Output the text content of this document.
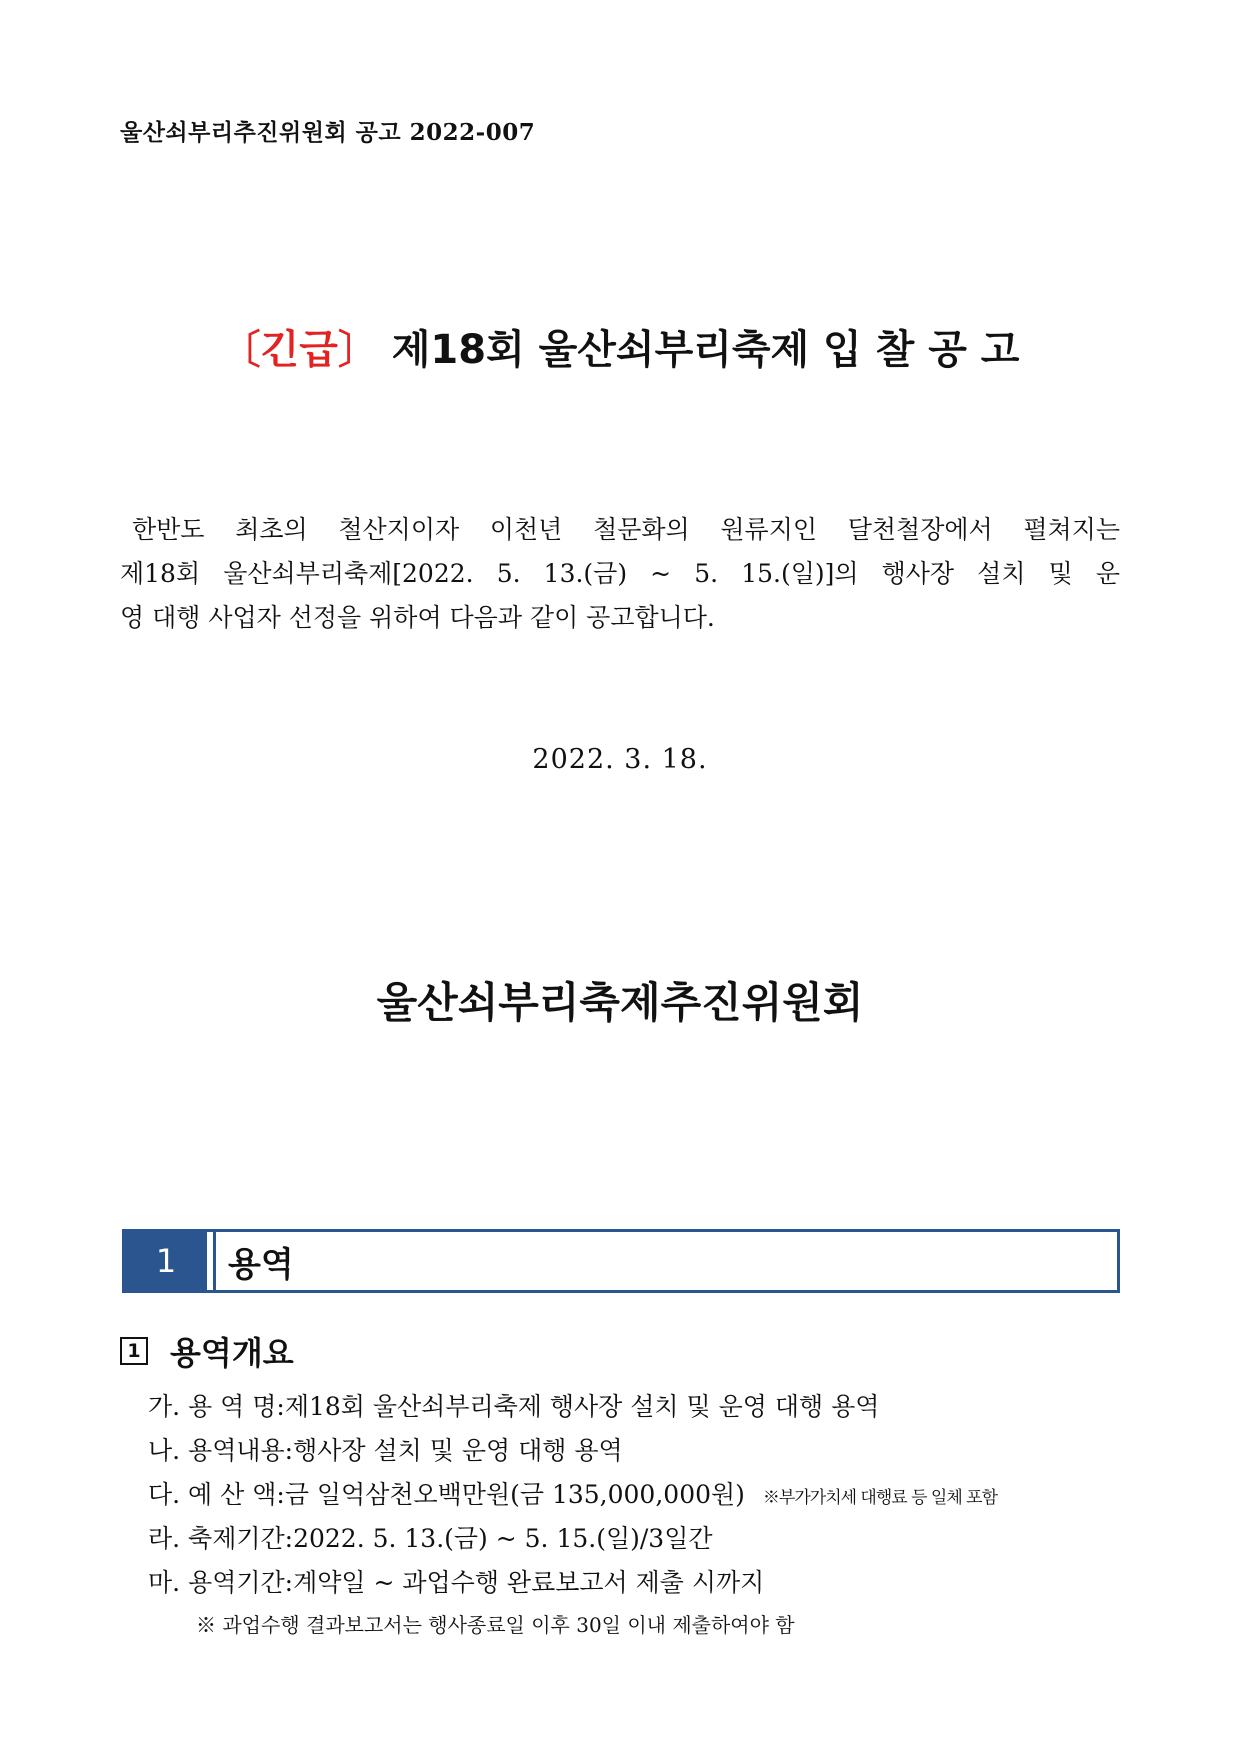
울산쇠부리추진위원회 공고 2022-007
〔긴급〕 제18회 울산쇠부리축제 입 찰 공 고
한반도 최초의 철산지이자 이천년 철문화의 원류지인 달천철장에서 펼쳐지는
제18회 울산쇠부리축제[2022. 5. 13.(금) ~ 5. 15.(일)]의 행사장 설치 및 운
영 대행 사업자 선정을 위하여 다음과 같이 공고합니다.
2022. 3. 18.
울산쇠부리축제추진위원회
1	용역
1 용역개요
가. 용 역 명:제18회 울산쇠부리축제 행사장 설치 및 운영 대행 용역
나. 용역내용:행사장 설치 및 운영 대행 용역
다. 예 산 액:금 일억삼천오백만원(금 135,000,000원) ※부가가치세 대행료 등 일체 포함
라. 축제기간:2022. 5. 13.(금) ~ 5. 15.(일)/3일간
마. 용역기간:계약일 ~ 과업수행 완료보고서 제출 시까지
※ 과업수행 결과보고서는 행사종료일 이후 30일 이내 제출하여야 함
